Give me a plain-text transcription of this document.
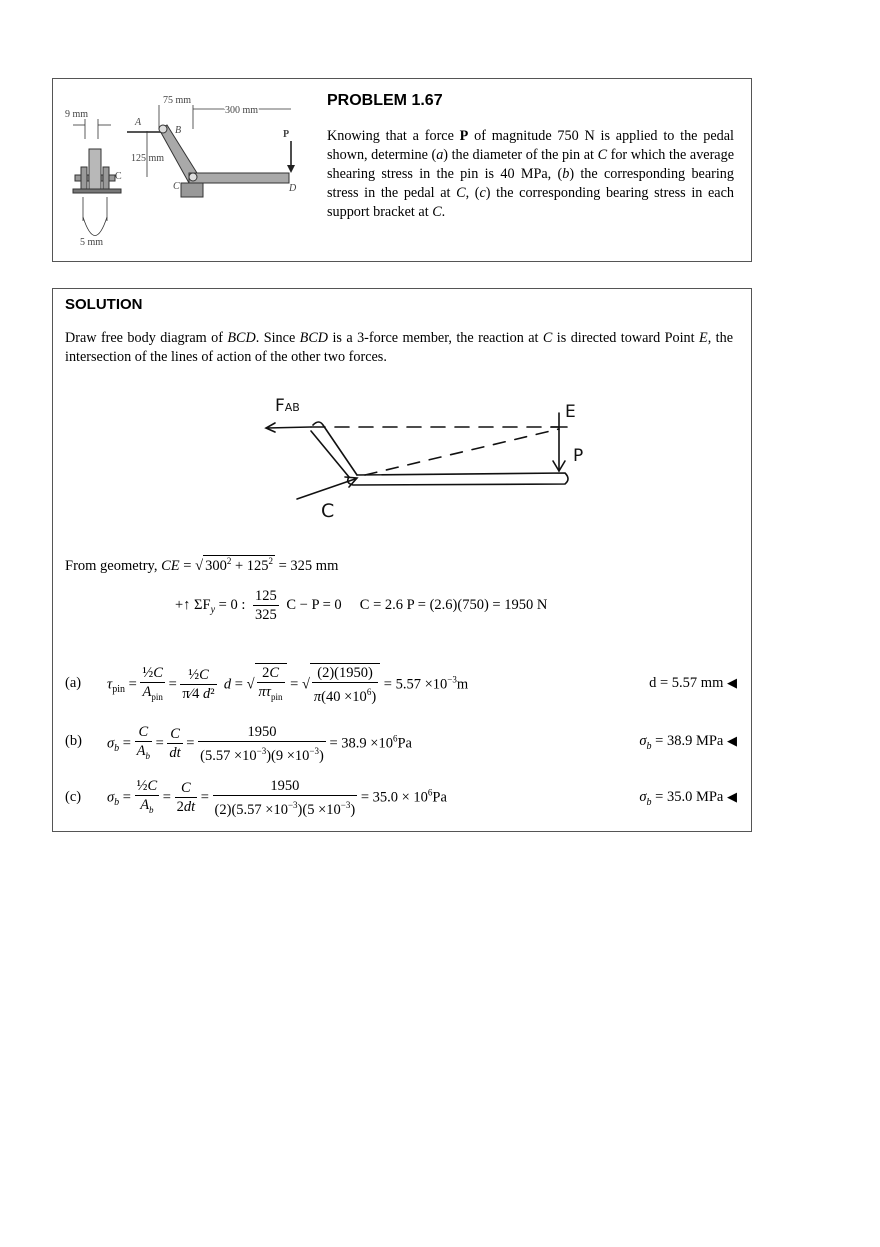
9 mm
5 mm
C
75 mm
300 mm
A
B
125 mm
C	D
P
PROBLEM 1.67
Knowing that a force P of magnitude 750 N is applied to the pedal shown, determine (a) the diameter of the pin at C for which the average shearing stress in the pin is 40 MPa, (b) the corresponding bearing stress in the pedal at C, (c) the corresponding bearing stress in each support bracket at C.
SOLUTION
Draw free body diagram of BCD. Since BCD is a 3-force member, the reaction at C is directed toward Point E, the intersection of the lines of action of the other two forces.
FAB	E
P
C
From geometry, CE = √ $300^2 + 125^2 = 325$ mm
+↑ $\Sigma F_y = 0$ : $\frac{125}{325}$ C − P = 0 C = 2.6 P = (2.6)(750) = 1950 N
(a) $\tau_{pin} = \frac{\text{½C}}{A_{pin}} = \frac{\text{½C}}{\text{π⁄4 d²}}$ d = √ $\frac{2C}{\pi\tau_{pin}}$ = √ $\frac{(2)(1950)}{\pi(40 \times 10^6)} = 5.57 \times 10^{-3}m$	d = 5.57 mm ◀
(b) $\sigma_b = \frac{C}{A_b} = \frac{C}{dt} = \frac{1950}{(5.57 \times 10^{-3})(9 \times 10^{-3})} = 38.9 \times 10^6Pa$	$\sigma_b = 38.9$ MPa ◀
(c) $\sigma_b = \frac{\text{½C}}{A_b} = \frac{C}{2dt} = \frac{1950}{(2)(5.57 \times 10^{-3})(5 \times 10^{-3})} = 35.0 \times 10^6Pa$	$\sigma_b = 35.0$ MPa ◀
